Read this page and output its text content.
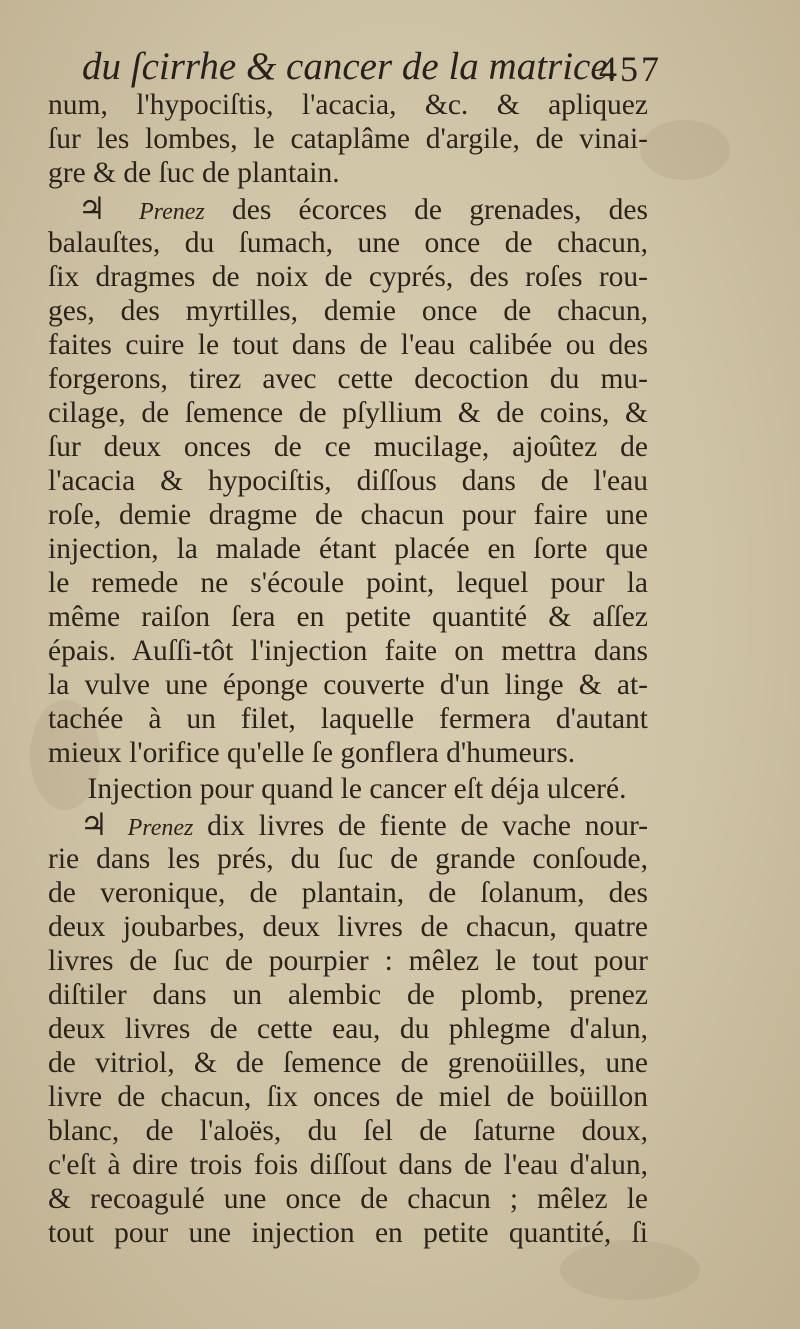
du ſcirrhe & cancer de la matrice.
457
num, l'hypociſtis, l'acacia, &c. & apliquez
ſur les lombes, le cataplâme d'argile, de vinai-
gre & de ſuc de plantain.
♃ Prenez des écorces de grenades, des
balauſtes, du ſumach, une once de chacun,
ſix dragmes de noix de cyprés, des roſes rou-
ges, des myrtilles, demie once de chacun,
faites cuire le tout dans de l'eau calibée ou des
forgerons, tirez avec cette decoction du mu-
cilage, de ſemence de pſyllium & de coins, &
ſur deux onces de ce mucilage, ajoûtez de
l'acacia & hypociſtis, diſſous dans de l'eau
roſe, demie dragme de chacun pour faire une
injection, la malade étant placée en ſorte que
le remede ne s'écoule point, lequel pour la
même raiſon ſera en petite quantité & aſſez
épais. Auſſi-tôt l'injection faite on mettra dans
la vulve une éponge couverte d'un linge & at-
tachée à un filet, laquelle fermera d'autant
mieux l'orifice qu'elle ſe gonflera d'humeurs.
Injection pour quand le cancer eſt déja ulceré.
♃ Prenez dix livres de fiente de vache nour-
rie dans les prés, du ſuc de grande conſoude,
de veronique, de plantain, de ſolanum, des
deux joubarbes, deux livres de chacun, quatre
livres de ſuc de pourpier : mêlez le tout pour
diſtiler dans un alembic de plomb, prenez
deux livres de cette eau, du phlegme d'alun,
de vitriol, & de ſemence de grenoüilles, une
livre de chacun, ſix onces de miel de boüillon
blanc, de l'aloës, du ſel de ſaturne doux,
c'eſt à dire trois fois diſſout dans de l'eau d'alun,
& recoagulé une once de chacun ; mêlez le
tout pour une injection en petite quantité, ſi
